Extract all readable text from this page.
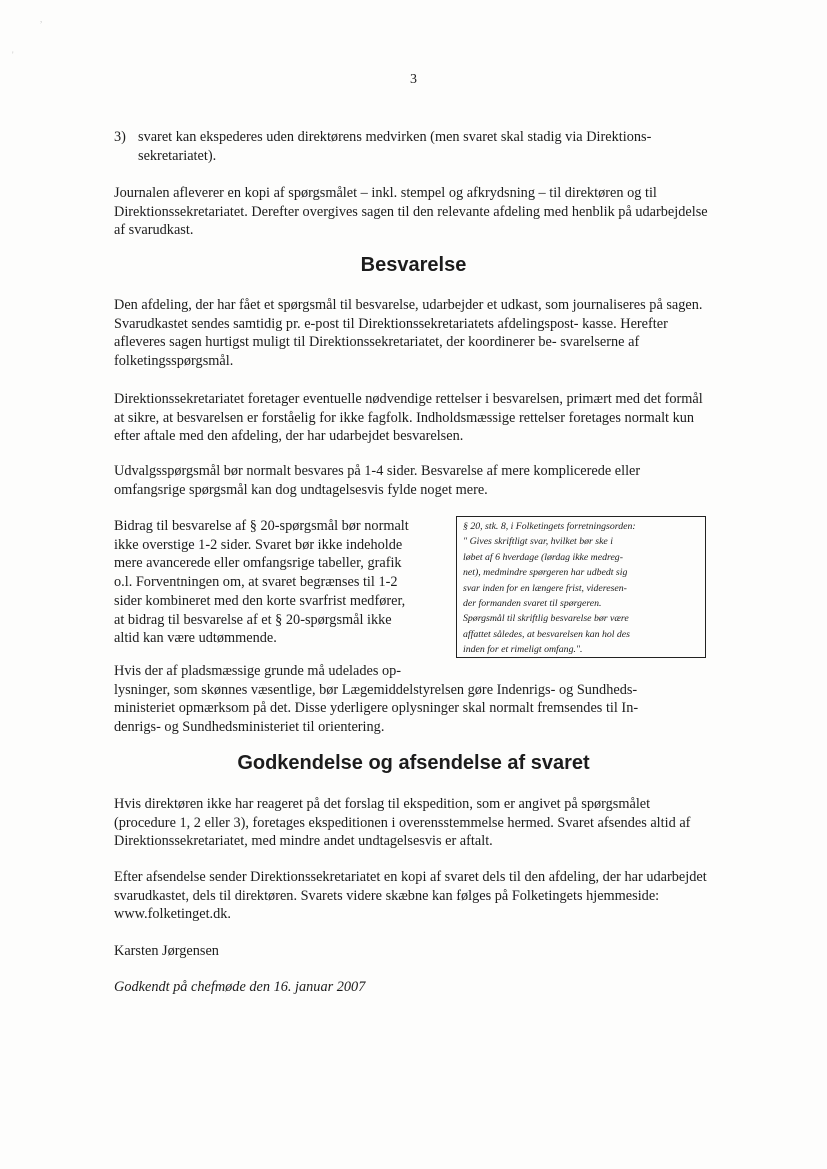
,
'
3
3) svaret kan ekspederes uden direktørens medvirken (men svaret skal stadig via Direktions- sekretariatet).

Journalen afleverer en kopi af spørgsmålet – inkl. stempel og afkrydsning – til direktøren og til Direktionssekretariatet. Derefter overgives sagen til den relevante afdeling med henblik på udarbejdelse af svarudkast.

Besvarelse

Den afdeling, der har fået et spørgsmål til besvarelse, udarbejder et udkast, som journaliseres på sagen. Svarudkastet sendes samtidig pr. e-post til Direktionssekretariatets afdelingspost- kasse. Herefter afleveres sagen hurtigst muligt til Direktionssekretariatet, der koordinerer be- svarelserne af folketingsspørgsmål.

Direktionssekretariatet foretager eventuelle nødvendige rettelser i besvarelsen, primært med det formål at sikre, at besvarelsen er forståelig for ikke fagfolk. Indholdsmæssige rettelser foretages normalt kun efter aftale med den afdeling, der har udarbejdet besvarelsen.

Udvalgsspørgsmål bør normalt besvares på 1-4 sider. Besvarelse af mere komplicerede eller omfangsrige spørgsmål kan dog undtagelsesvis fylde noget mere.

Bidrag til besvarelse af § 20-spørgsmål bør normalt
ikke overstige 1-2 sider. Svaret bør ikke indeholde
mere avancerede eller omfangsrige tabeller, grafik
o.l. Forventningen om, at svaret begrænses til 1-2
sider kombineret med den korte svarfrist medfører,
at bidrag til besvarelse af et § 20-spørgsmål ikke
altid kan være udtømmende.
§ 20, stk. 8, i Folketingets forretningsorden:
" Gives skriftligt svar, hvilket bør ske i
løbet af 6 hverdage (lørdag ikke medreg-
net), medmindre spørgeren har udbedt sig
svar inden for en længere frist, videresen-
der formanden svaret til spørgeren.
Spørgsmål til skriftlig besvarelse bør være
affattet således, at besvarelsen kan hol des
inden for et rimeligt omfang.".
Hvis der af pladsmæssige grunde må udelades op-
lysninger, som skønnes væsentlige, bør Lægemiddelstyrelsen gøre Indenrigs- og Sundheds-
ministeriet opmærksom på det. Disse yderligere oplysninger skal normalt fremsendes til In-
denrigs- og Sundhedsministeriet til orientering.
Godkendelse og afsendelse af svaret

Hvis direktøren ikke har reageret på det forslag til ekspedition, som er angivet på spørgsmålet (procedure 1, 2 eller 3), foretages ekspeditionen i overensstemmelse hermed. Svaret afsendes altid af Direktionssekretariatet, med mindre andet undtagelsesvis er aftalt.

Efter afsendelse sender Direktionssekretariatet en kopi af svaret dels til den afdeling, der har udarbejdet svarudkastet, dels til direktøren. Svarets videre skæbne kan følges på Folketingets hjemmeside: www.folketinget.dk.

Karsten Jørgensen

Godkendt på chefmøde den 16. januar 2007
